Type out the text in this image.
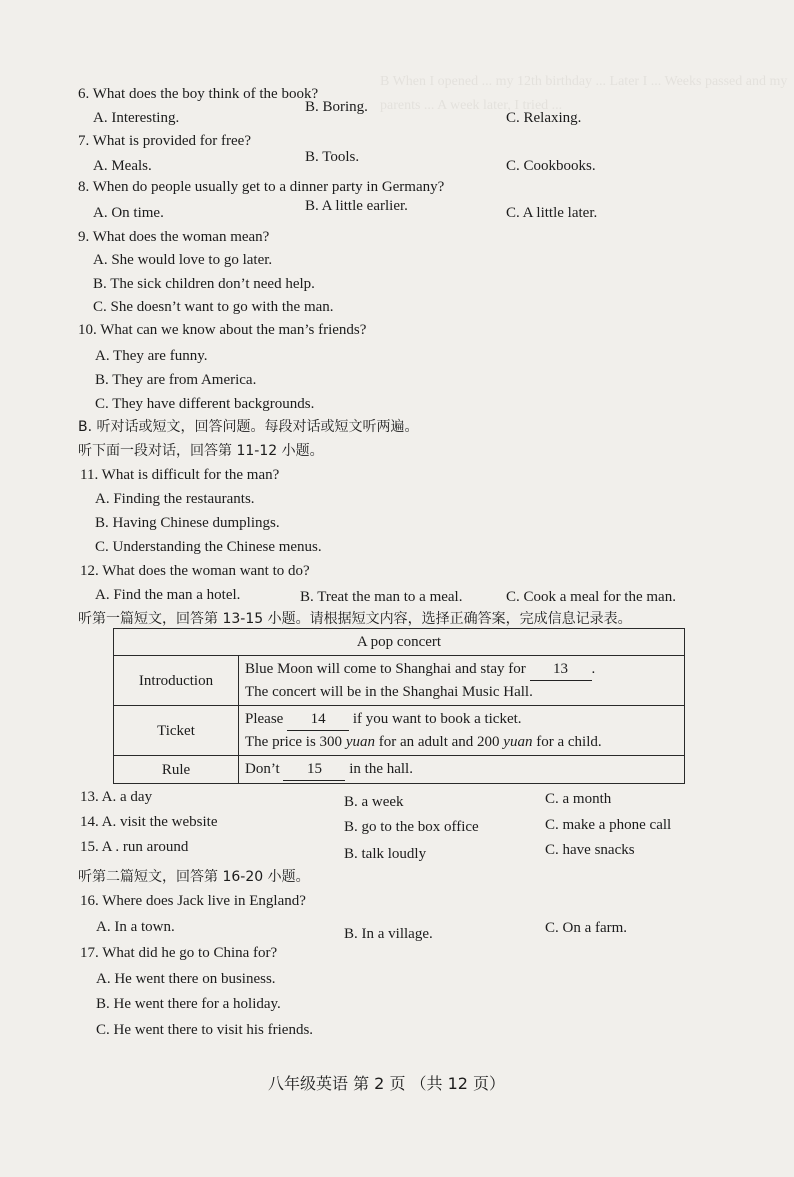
B When I opened ... my 12th birthday ... Later I ... Weeks passed and my parents ... A week later, I tried ...
6. What does the boy think of the book?
A. Interesting.
B. Boring.
C. Relaxing.
7. What is provided for free?
A. Meals.
B. Tools.
C. Cookbooks.
8. When do people usually get to a dinner party in Germany?
A. On time.	B. A little earlier.	C. A little later.
9. What does the woman mean?
A. She would love to go later.
B. The sick children don’t need help.
C. She doesn’t want to go with the man.
10. What can we know about the man’s friends?
A. They are funny.
B. They are from America.
C. They have different backgrounds.
B. 听对话或短文，回答问题。每段对话或短文听两遍。
听下面一段对话，回答第 11-12 小题。
11. What is difficult for the man?
A. Finding the restaurants.
B. Having Chinese dumplings.
C. Understanding the Chinese menus.
12. What does the woman want to do?
A. Find the man a hotel.	B. Treat the man to a meal.	C. Cook a meal for the man.
听第一篇短文，回答第 13-15 小题。请根据短文内容，选择正确答案，完成信息记录表。
13. A. a day	B. a week	C. a month
14. A. visit the website	B. go to the box office	C. make a phone call
15. A . run around	B. talk loudly	C. have snacks
听第二篇短文，回答第 16-20 小题。
16. Where does Jack live in England?
A. In a town.	B. In a village.	C. On a farm.
17. What did he go to China for?
A. He went there on business.
B. He went there for a holiday.
C. He went there to visit his friends.
A pop concert	
Introduction	Blue Moon will come to Shanghai and stay for 13 .
The concert will be in the Shanghai Music Hall.

Ticket	Please 14 if you want to book a ticket.
The price is 300 yuan for an adult and 200 yuan for a child.

Rule	Don’t 15 in the hall.
八年级英语 第 2 页 （共 12 页）
